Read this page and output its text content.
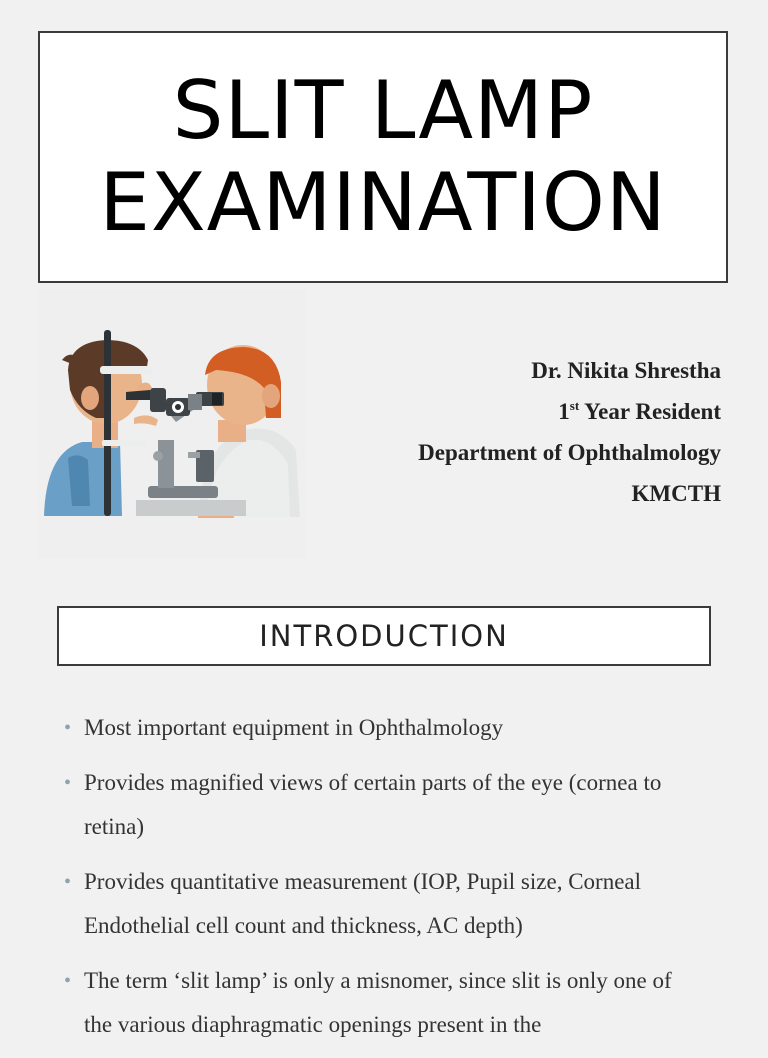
SLIT LAMP
EXAMINATION
Dr. Nikita Shrestha
1st Year Resident
Department of Ophthalmology
KMCTH
INTRODUCTION
• Most important equipment in Ophthalmology
• Provides magnified views of certain parts of the eye (cornea to retina)
• Provides quantitative measurement (IOP, Pupil size, Corneal Endothelial cell count and thickness, AC depth)
• The term ‘slit lamp’ is only a misnomer, since slit is only one of the various diaphragmatic openings present in the
